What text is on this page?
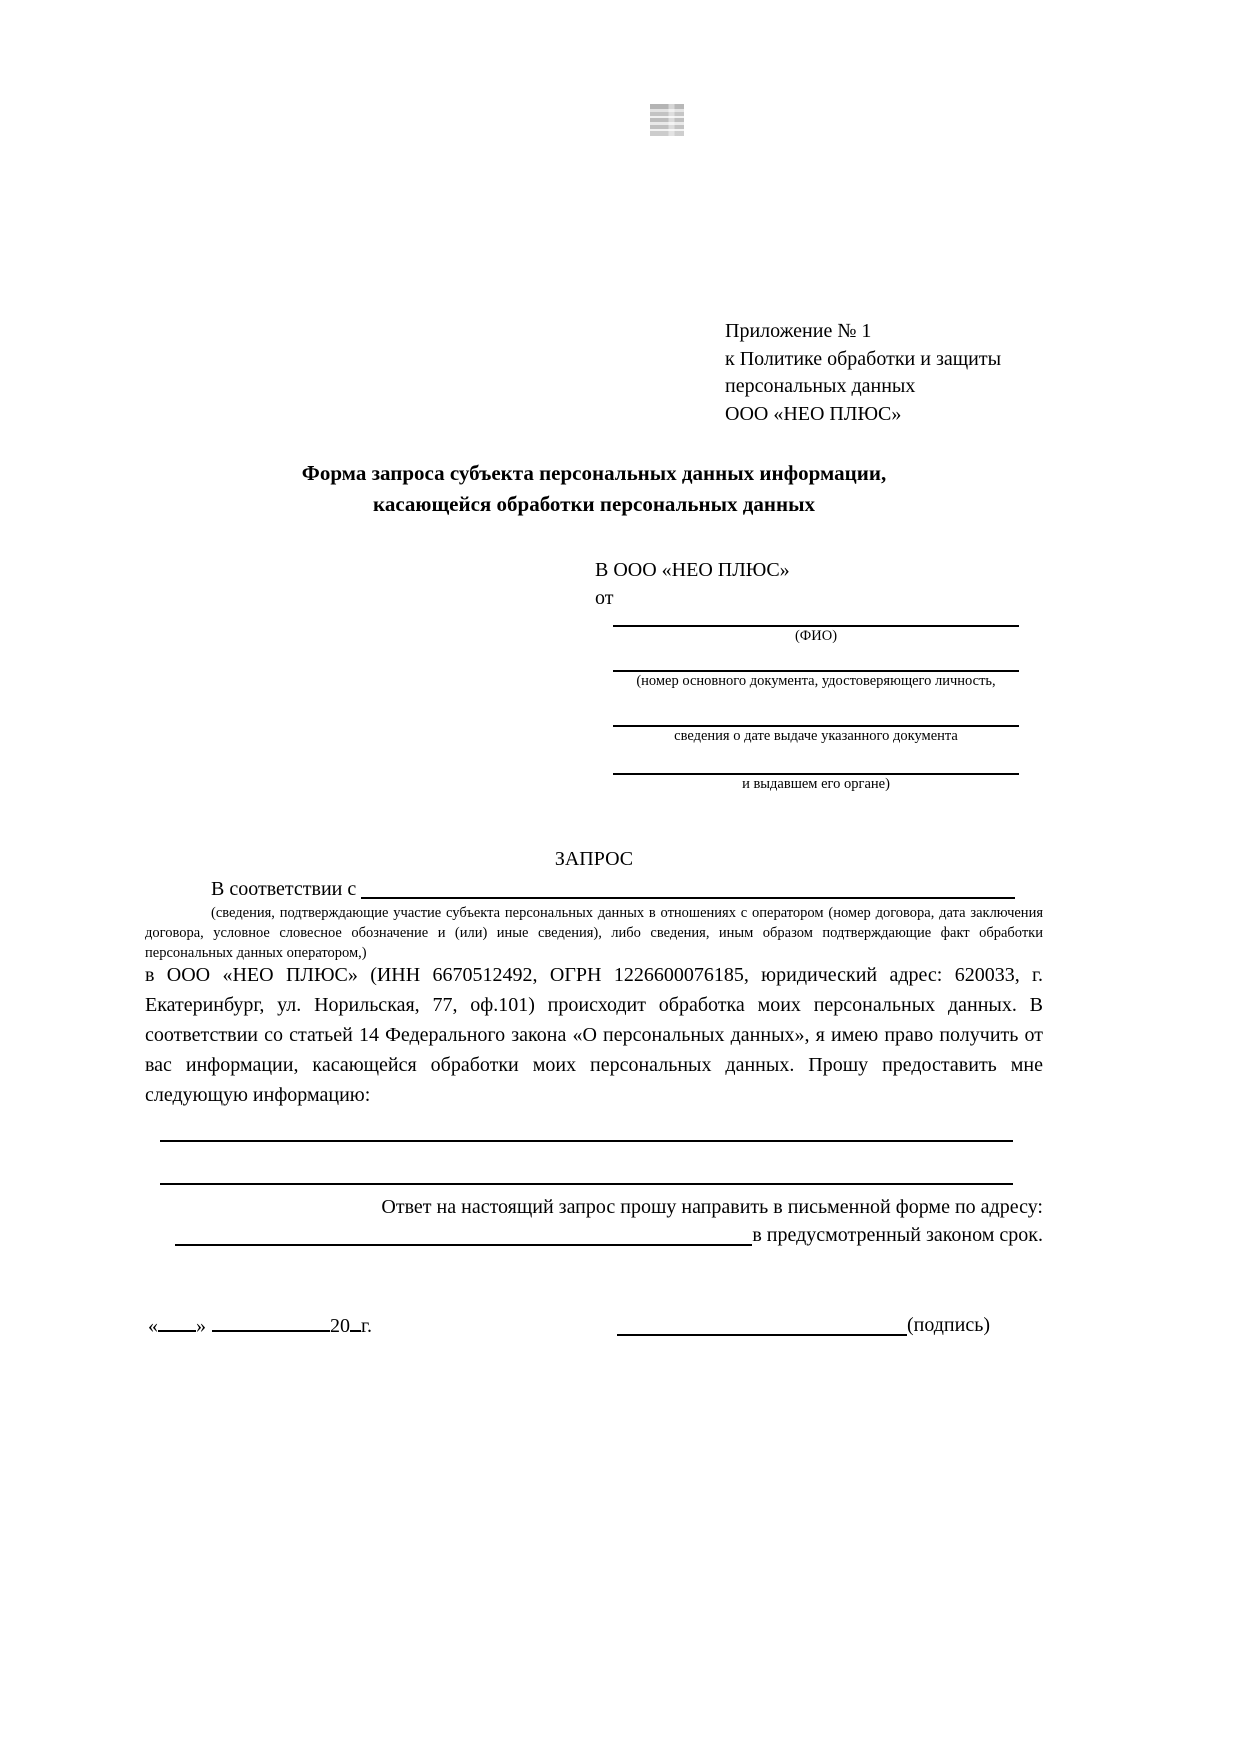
Приложение № 1
к Политике обработки и защиты
персональных данных
ООО «НЕО ПЛЮС»
Форма запроса субъекта персональных данных информации,
касающейся обработки персональных данных
В ООО «НЕО ПЛЮС»
от
(ФИО)
(номер основного документа, удостоверяющего личность,
сведения о дате выдаче указанного документа
и выдавшем его органе)
ЗАПРОС
В соответствии с
(сведения, подтверждающие участие субъекта персональных данных в отношениях с оператором (номер договора, дата заключения договора, условное словесное обозначение и (или) иные сведения), либо сведения, иным образом подтверждающие факт обработки персональных данных оператором,)
в ООО «НЕО ПЛЮС» (ИНН 6670512492, ОГРН 1226600076185, юридический адрес: 620033, г. Екатеринбург, ул. Норильская, 77, оф.101) происходит обработка моих персональных данных. В соответствии со статьей 14 Федерального закона «О персональных данных», я имею право получить от вас информации, касающейся обработки моих персональных данных. Прошу предоставить мне следующую информацию:
Ответ на настоящий запрос прошу направить в письменной форме по адресу:
в предусмотренный законом срок.
« »	20 г.	(подпись)
